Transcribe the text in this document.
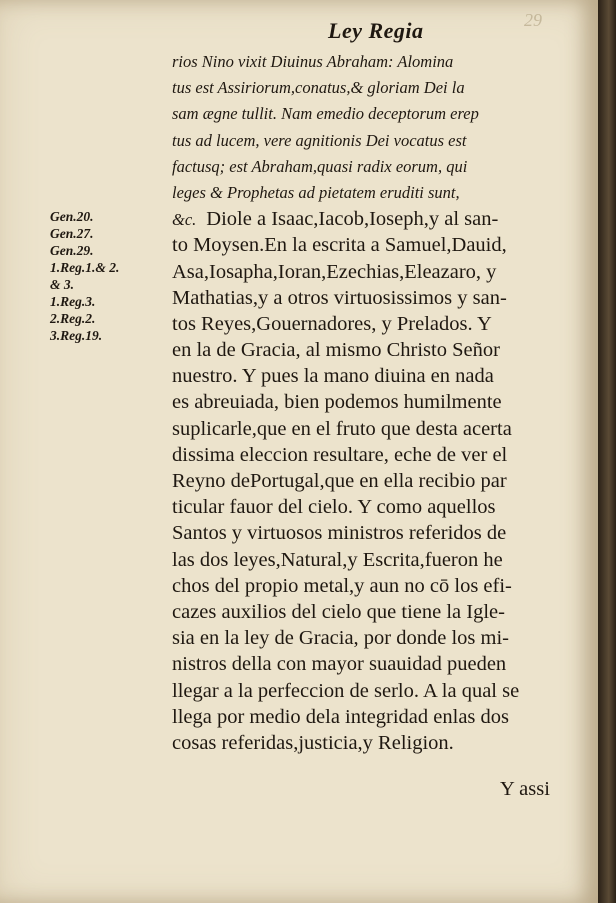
29
Ley Regia
Gen.20.
Gen.27.
Gen.29.
1.Reg.1.& 2.
& 3.
1.Reg.3.
2.Reg.2.
3.Reg.19.
rios Nino vixit Diuinus Abraham: Alomina
tus est Assiriorum,conatus,& gloriam Dei la
sam ægne tullit. Nam emedio deceptorum erep
tus ad lucem, vere agnitionis Dei vocatus est
factusq; est Abraham,quasi radix eorum, qui
leges & Prophetas ad pietatem eruditi sunt,
&c. Diole a Isaac,Iacob,Ioseph,y al san-
to Moysen.En la escrita a Samuel,Dauid,
Asa,Iosapha,Ioran,Ezechias,Eleazaro, y
Mathatias,y a otros virtuosissimos y san-
tos Reyes,Gouernadores, y Prelados. Y
en la de Gracia, al mismo Christo Señor
nuestro. Y pues la mano diuina en nada
es abreuiada, bien podemos humilmente
suplicarle,que en el fruto que desta acerta
dissima eleccion resultare, eche de ver el
Reyno dePortugal,que en ella recibio par
ticular fauor del cielo. Y como aquellos
Santos y virtuosos ministros referidos de
las dos leyes,Natural,y Escrita,fueron he
chos del propio metal,y aun no cō los efi-
cazes auxilios del cielo que tiene la Igle-
sia en la ley de Gracia, por donde los mi-
nistros della con mayor suauidad pueden
llegar a la perfeccion de serlo. A la qual se
llega por medio dela integridad enlas dos
cosas referidas,justicia,y Religion.
Y assi
